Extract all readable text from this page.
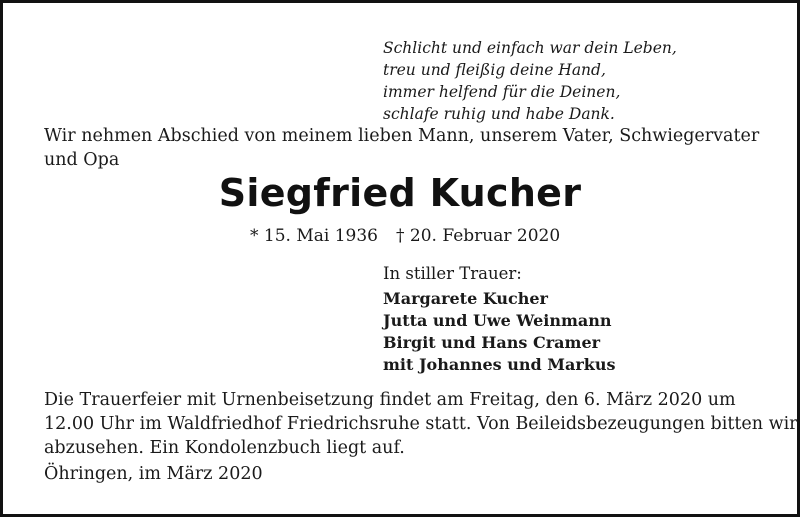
Schlicht und einfach war dein Leben,
treu und fleißig deine Hand,
immer helfend für die Deinen,
schlafe ruhig und habe Dank.
Wir nehmen Abschied von meinem lieben Mann, unserem Vater, Schwiegervater und Opa
Siegfried Kucher
* 15. Mai 1936 † 20. Februar 2020
In stiller Trauer:
Margarete Kucher
Jutta und Uwe Weinmann
Birgit und Hans Cramer
mit Johannes und Markus
Die Trauerfeier mit Urnenbeisetzung findet am Freitag, den 6. März 2020 um
12.00 Uhr im Waldfriedhof Friedrichsruhe statt. Von Beileidsbezeugungen bitten wir
abzusehen. Ein Kondolenzbuch liegt auf.
Öhringen, im März 2020
